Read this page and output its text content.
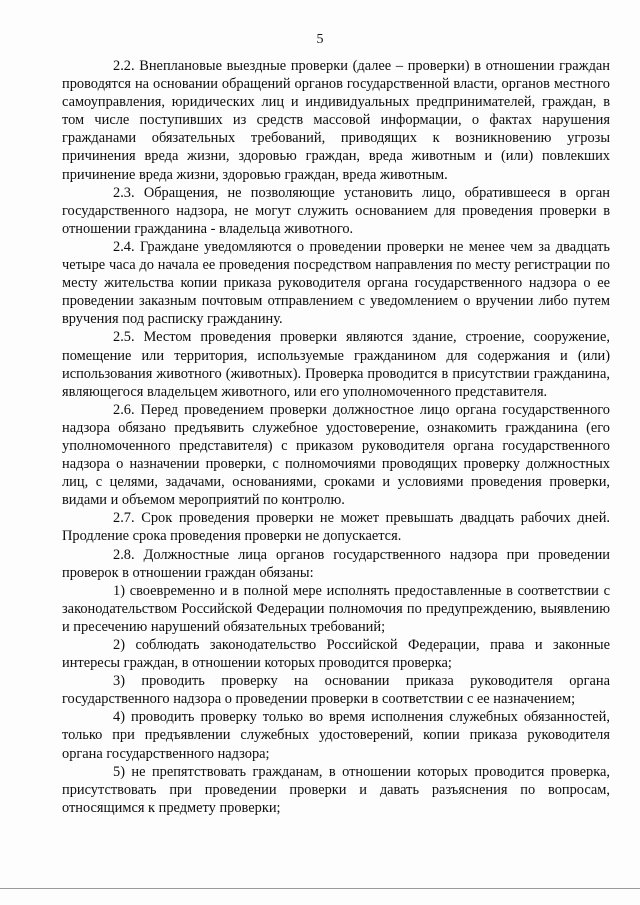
5

2.2. Внеплановые выездные проверки (далее – проверки) в отношении граждан проводятся на основании обращений органов государственной власти, органов местного самоуправления, юридических лиц и индивидуальных предпринимателей, граждан, в том числе поступивших из средств массовой информации, о фактах нарушения гражданами обязательных требований, приводящих к возникновению угрозы причинения вреда жизни, здоровью граждан, вреда животным и (или) повлекших причинение вреда жизни, здоровью граждан, вреда животным.

2.3. Обращения, не позволяющие установить лицо, обратившееся в орган государственного надзора, не могут служить основанием для проведения проверки в отношении гражданина - владельца животного.

2.4. Граждане уведомляются о проведении проверки не менее чем за двадцать четыре часа до начала ее проведения посредством направления по месту регистрации по месту жительства копии приказа руководителя органа государственного надзора о ее проведении заказным почтовым отправлением с уведомлением о вручении либо путем вручения под расписку гражданину.

2.5. Местом проведения проверки являются здание, строение, сооружение, помещение или территория, используемые гражданином для содержания и (или) использования животного (животных). Проверка проводится в присутствии гражданина, являющегося владельцем животного, или его уполномоченного представителя.

2.6. Перед проведением проверки должностное лицо органа государственного надзора обязано предъявить служебное удостоверение, ознакомить гражданина (его уполномоченного представителя) с приказом руководителя органа государственного надзора о назначении проверки, с полномочиями проводящих проверку должностных лиц, с целями, задачами, основаниями, сроками и условиями проведения проверки, видами и объемом мероприятий по контролю.

2.7. Срок проведения проверки не может превышать двадцать рабочих дней. Продление срока проведения проверки не допускается.

2.8. Должностные лица органов государственного надзора при проведении проверок в отношении граждан обязаны:

1) своевременно и в полной мере исполнять предоставленные в соответствии с законодательством Российской Федерации полномочия по предупреждению, выявлению и пресечению нарушений обязательных требований;

2) соблюдать законодательство Российской Федерации, права и законные интересы граждан, в отношении которых проводится проверка;

3) проводить проверку на основании приказа руководителя органа государственного надзора о проведении проверки в соответствии с ее назначением;

4) проводить проверку только во время исполнения служебных обязанностей, только при предъявлении служебных удостоверений, копии приказа руководителя органа государственного надзора;

5) не препятствовать гражданам, в отношении которых проводится проверка, присутствовать при проведении проверки и давать разъяснения по вопросам, относящимся к предмету проверки;
